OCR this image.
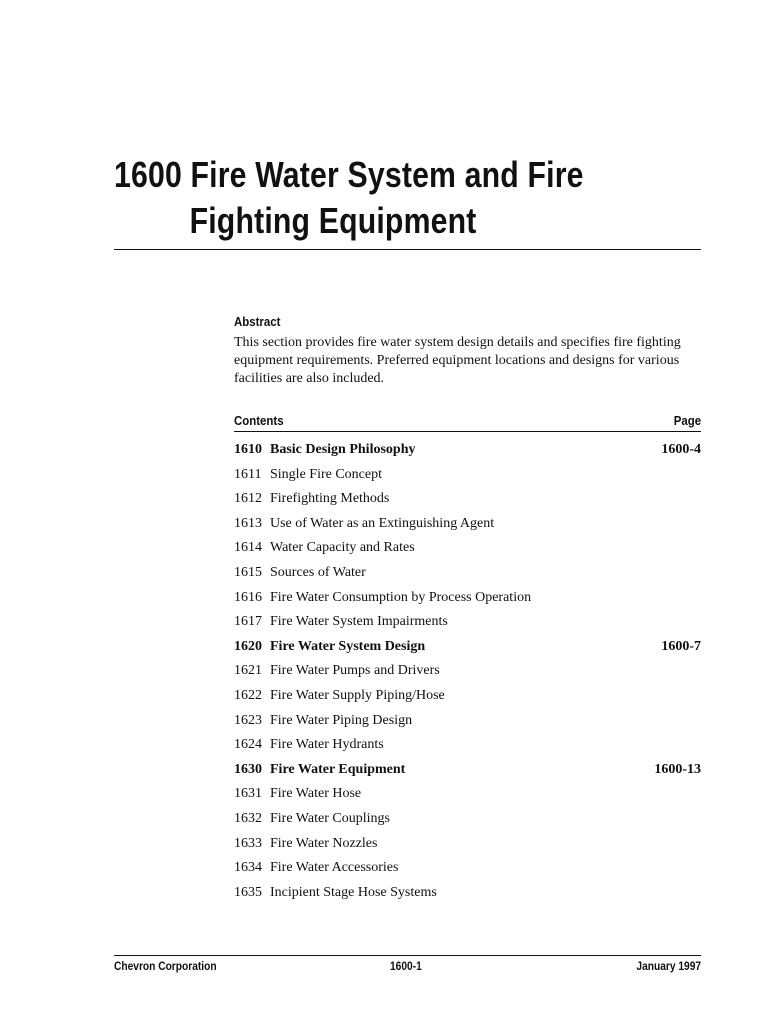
1600 Fire Water System and Fire
Fighting Equipment
Abstract
This section provides fire water system design details and specifies fire fighting equipment requirements. Preferred equipment locations and designs for various facilities are also included.
Contents	Page
1610 Basic Design Philosophy	1600-4
1611 Single Fire Concept
1612 Firefighting Methods
1613 Use of Water as an Extinguishing Agent
1614 Water Capacity and Rates
1615 Sources of Water
1616 Fire Water Consumption by Process Operation
1617 Fire Water System Impairments
1620 Fire Water System Design	1600-7
1621 Fire Water Pumps and Drivers
1622 Fire Water Supply Piping/Hose
1623 Fire Water Piping Design
1624 Fire Water Hydrants
1630 Fire Water Equipment	1600-13
1631 Fire Water Hose
1632 Fire Water Couplings
1633 Fire Water Nozzles
1634 Fire Water Accessories
1635 Incipient Stage Hose Systems
Chevron Corporation	1600-1	January 1997
